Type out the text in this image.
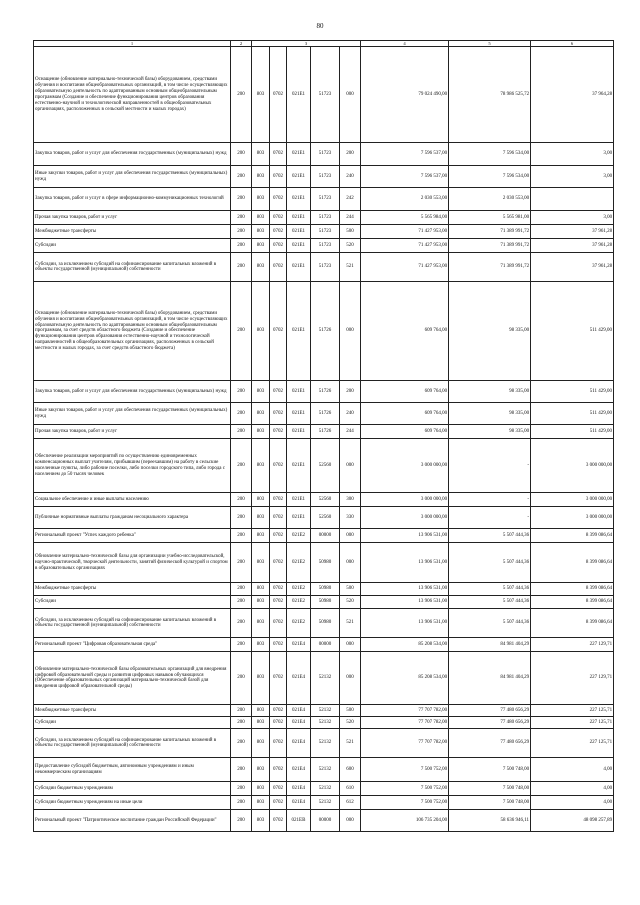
80
1	2	3					4	5	6
Оснащение (обновление материально-технической базы) оборудованием, средствами обучения и воспитания общеобразовательных организаций, в том числе осуществляющих образовательную деятельность по адаптированным основным общеобразовательным программам (Создание и обеспечение функционирования центров образования естественно-научной и технологической направленностей в общеобразовательных организациях, расположенных в сельской местности и малых городах)	200	803	0702	021E1	51723	000	79 024 490,00	78 986 525,72	37 964,28
Закупка товаров, работ и услуг для обеспечения государственных (муниципальных) нужд	200	803	0702	021E1	51723	200	7 596 537,00	7 596 534,00	3,00
Иные закупки товаров, работ и услуг для обеспечения государственных (муниципальных) нужд	200	803	0702	021E1	51723	240	7 596 537,00	7 596 534,00	3,00
Закупка товаров, работ и услуг в сфере информационно-коммуникационных технологий	200	803	0702	021E1	51723	242	2 030 553,00	2 030 553,00	
Прочая закупка товаров, работ и услуг	200	803	0702	021E1	51723	244	5 565 984,00	5 565 981,00	3,00
Межбюджетные трансферты	200	803	0702	021E1	51723	500	71 427 953,00	71 389 991,72	37 961,28
Субсидии	200	803	0702	021E1	51723	520	71 427 953,00	71 389 991,72	37 961,28
Субсидии, за исключением субсидий на софинансирование капитальных вложений в объекты государственной (муниципальной) собственности	200	803	0702	021E1	51723	521	71 427 953,00	71 389 991,72	37 961,28
Оснащение (обновление материально-технической базы) оборудованием, средствами обучения и воспитания общеобразовательных организаций, в том числе осуществляющих образовательную деятельность по адаптированным основным общеобразовательным программам, за счет средств областного бюджета (Создание и обеспечение функционирования центров образования естественно-научной и технологической направленностей в общеобразовательных организациях, расположенных в сельской местности и малых городах, за счет средств областного бюджета)	200	803	0702	021E1	51726	000	609 764,00	98 335,00	511 429,00
Закупка товаров, работ и услуг для обеспечения государственных (муниципальных) нужд	200	803	0702	021E1	51726	200	609 764,00	98 335,00	511 429,00
Иные закупки товаров, работ и услуг для обеспечения государственных (муниципальных) нужд	200	803	0702	021E1	51726	240	609 764,00	98 335,00	511 429,00
Прочая закупка товаров, работ и услуг	200	803	0702	021E1	51726	244	609 764,00	98 335,00	511 429,00
Обеспечение реализации мероприятий по осуществлению единовременных компенсационных выплат учителям, прибывшим (переехавшим) на работу в сельские населенные пункты, либо рабочие поселки, либо поселки городского типа, либо города с населением до 50 тысяч человек	200	803	0702	021E1	52560	000	3 000 000,00	-	3 000 000,00
Социальное обеспечение и иные выплаты населению	200	803	0702	021E1	52560	300	3 000 000,00	-	3 000 000,00
Публичные нормативные выплаты гражданам несоциального характера	200	803	0702	021E1	52560	330	3 000 000,00	-	3 000 000,00
Региональный проект "Успех каждого ребенка"	200	803	0702	021E2	00000	000	13 906 531,00	5 507 444,36	8 399 086,64
Обновление материально-технической базы для организации учебно-исследовательской, научно-практической, творческой деятельности, занятий физической культурой и спортом в образовательных организациях	200	803	0702	021E2	50980	000	13 906 531,00	5 507 444,36	8 399 086,64
Межбюджетные трансферты	200	803	0702	021E2	50980	500	13 906 531,00	5 507 444,36	8 399 086,64
Субсидии	200	803	0702	021E2	50980	520	13 906 531,00	5 507 444,36	8 399 086,64
Субсидии, за исключением субсидий на софинансирование капитальных вложений в объекты государственной (муниципальной) собственности	200	803	0702	021E2	50980	521	13 906 531,00	5 507 444,36	8 399 086,64
Региональный проект "Цифровая образовательная среда"	200	803	0702	021E4	00000	000	85 208 534,00	84 981 404,29	227 129,71
Обновление материально-технической базы образовательных организаций для внедрения цифровой образовательной среды и развития цифровых навыков обучающихся (Обеспечение образовательных организаций материально-технической базой для внедрения цифровой образовательной среды)	200	803	0702	021E4	52132	000	85 208 534,00	84 981 404,29	227 129,71
Межбюджетные трансферты	200	803	0702	021E4	52132	500	77 707 782,00	77 480 656,29	227 125,71
Субсидии	200	803	0702	021E4	52132	520	77 707 782,00	77 480 656,29	227 125,71
Субсидии, за исключением субсидий на софинансирование капитальных вложений в объекты государственной (муниципальной) собственности	200	803	0702	021E4	52132	521	77 707 782,00	77 480 656,29	227 125,71
Предоставление субсидий бюджетным, автономным учреждениям и иным некоммерческим организациям	200	803	0702	021E4	52132	600	7 500 752,00	7 500 748,00	4,00
Субсидии бюджетным учреждениям	200	803	0702	021E4	52132	610	7 500 752,00	7 500 748,00	4,00
Субсидии бюджетным учреждениям на иные цели	200	803	0702	021E4	52132	612	7 500 752,00	7 500 748,00	4,00
Региональный проект "Патриотическое воспитание граждан Российской Федерации"	200	803	0702	021EB	00000	000	106 735 204,00	58 636 946,11	48 098 257,89
